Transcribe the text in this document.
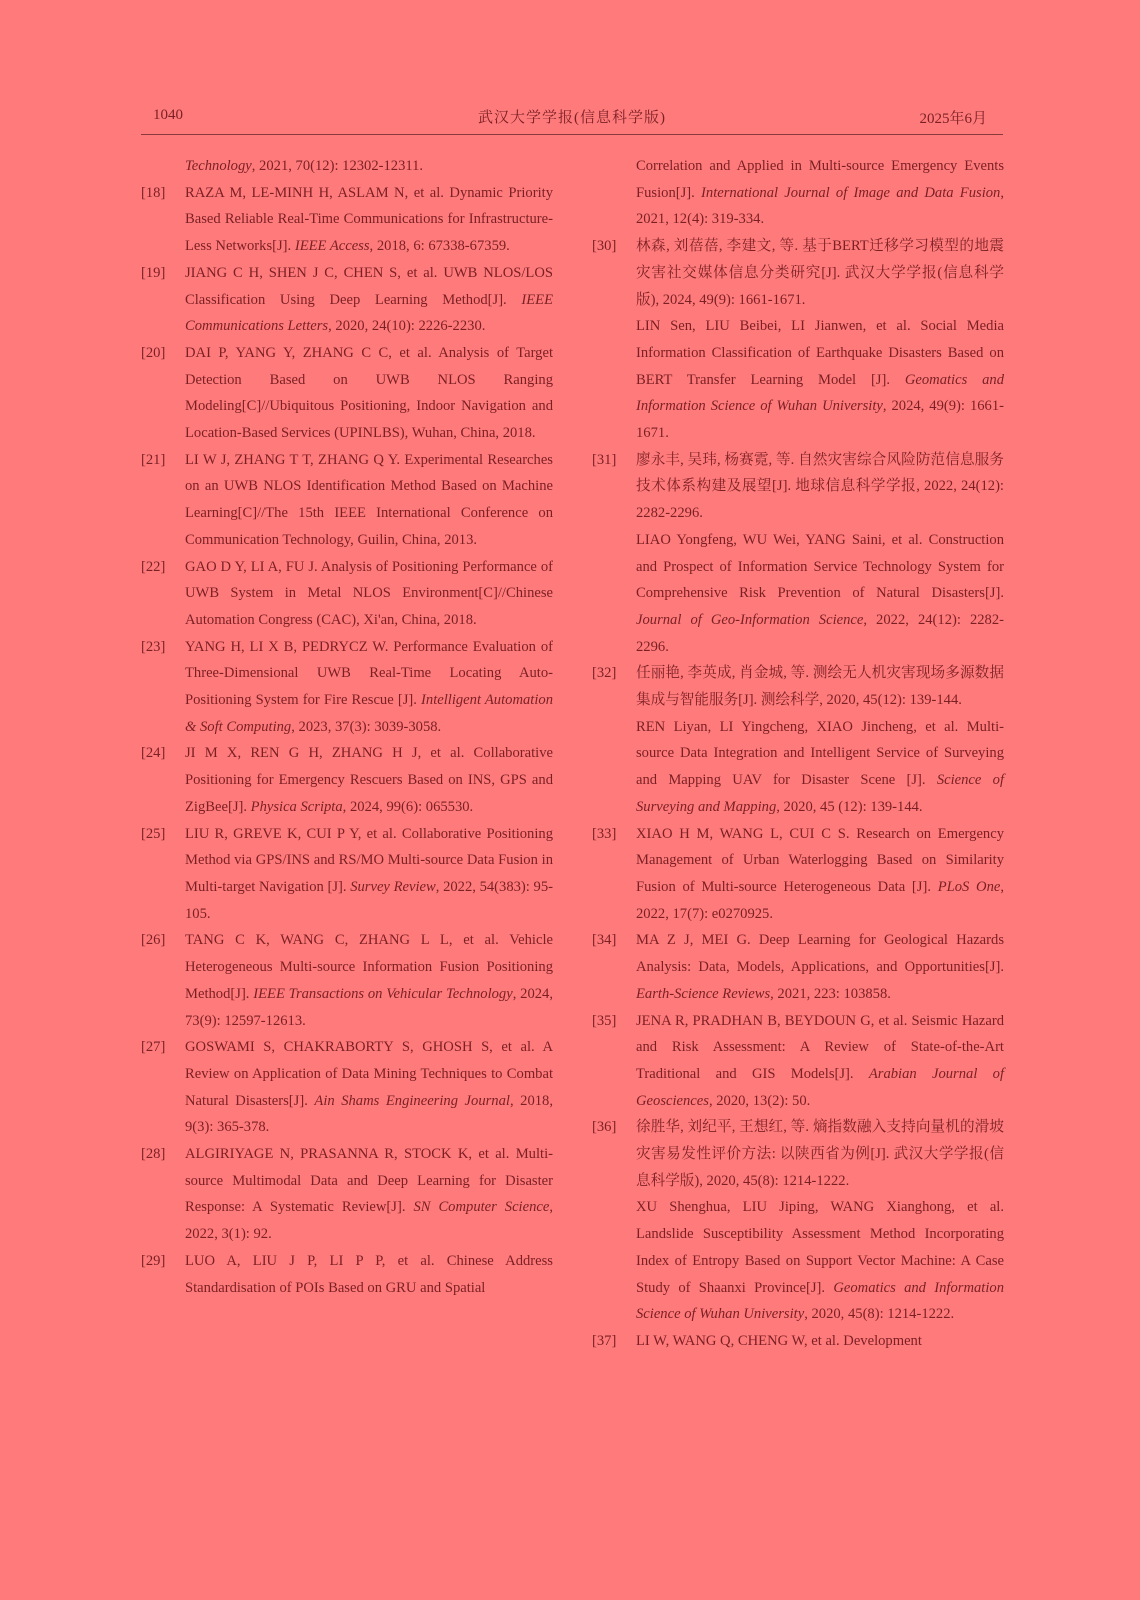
1040	武汉大学学报(信息科学版)	2025年6月

Technology, 2021, 70(12): 12302-12311.

[18] RAZA M, LE-MINH H, ASLAM N, et al. Dynamic Priority Based Reliable Real-Time Communications for Infrastructure-Less Networks[J]. IEEE Access, 2018, 6: 67338-67359.

[19] JIANG C H, SHEN J C, CHEN S, et al. UWB NLOS/LOS Classification Using Deep Learning Method[J]. IEEE Communications Letters, 2020, 24(10): 2226-2230.

[20] DAI P, YANG Y, ZHANG C C, et al. Analysis of Target Detection Based on UWB NLOS Ranging Modeling[C]//Ubiquitous Positioning, Indoor Navigation and Location-Based Services (UPINLBS), Wuhan, China, 2018.

[21] LI W J, ZHANG T T, ZHANG Q Y. Experimental Researches on an UWB NLOS Identification Method Based on Machine Learning[C]//The 15th IEEE International Conference on Communication Technology, Guilin, China, 2013.

[22] GAO D Y, LI A, FU J. Analysis of Positioning Performance of UWB System in Metal NLOS Environment[C]//Chinese Automation Congress (CAC), Xi'an, China, 2018.

[23] YANG H, LI X B, PEDRYCZ W. Performance Evaluation of Three-Dimensional UWB Real-Time Locating Auto-Positioning System for Fire Rescue [J]. Intelligent Automation & Soft Computing, 2023, 37(3): 3039-3058.

[24] JI M X, REN G H, ZHANG H J, et al. Collaborative Positioning for Emergency Rescuers Based on INS, GPS and ZigBee[J]. Physica Scripta, 2024, 99(6): 065530.

[25] LIU R, GREVE K, CUI P Y, et al. Collaborative Positioning Method via GPS/INS and RS/MO Multi-source Data Fusion in Multi-target Navigation [J]. Survey Review, 2022, 54(383): 95-105.

[26] TANG C K, WANG C, ZHANG L L, et al. Vehicle Heterogeneous Multi-source Information Fusion Positioning Method[J]. IEEE Transactions on Vehicular Technology, 2024, 73(9): 12597-12613.

[27] GOSWAMI S, CHAKRABORTY S, GHOSH S, et al. A Review on Application of Data Mining Techniques to Combat Natural Disasters[J]. Ain Shams Engineering Journal, 2018, 9(3): 365-378.

[28] ALGIRIYAGE N, PRASANNA R, STOCK K, et al. Multi-source Multimodal Data and Deep Learning for Disaster Response: A Systematic Review[J]. SN Computer Science, 2022, 3(1): 92.

[29] LUO A, LIU J P, LI P P, et al. Chinese Address Standardisation of POIs Based on GRU and Spatial

Correlation and Applied in Multi-source Emergency Events Fusion[J]. International Journal of Image and Data Fusion, 2021, 12(4): 319-334.

[30] 林森, 刘蓓蓓, 李建文, 等. 基于BERT迁移学习模型的地震灾害社交媒体信息分类研究[J]. 武汉大学学报(信息科学版), 2024, 49(9): 1661-1671.

LIN Sen, LIU Beibei, LI Jianwen, et al. Social Media Information Classification of Earthquake Disasters Based on BERT Transfer Learning Model [J]. Geomatics and Information Science of Wuhan University, 2024, 49(9): 1661-1671.

[31] 廖永丰, 吴玮, 杨赛霓, 等. 自然灾害综合风险防范信息服务技术体系构建及展望[J]. 地球信息科学学报, 2022, 24(12): 2282-2296.

LIAO Yongfeng, WU Wei, YANG Saini, et al. Construction and Prospect of Information Service Technology System for Comprehensive Risk Prevention of Natural Disasters[J]. Journal of Geo-Information Science, 2022, 24(12): 2282-2296.

[32] 任丽艳, 李英成, 肖金城, 等. 测绘无人机灾害现场多源数据集成与智能服务[J]. 测绘科学, 2020, 45(12): 139-144.

REN Liyan, LI Yingcheng, XIAO Jincheng, et al. Multi-source Data Integration and Intelligent Service of Surveying and Mapping UAV for Disaster Scene [J]. Science of Surveying and Mapping, 2020, 45 (12): 139-144.

[33] XIAO H M, WANG L, CUI C S. Research on Emergency Management of Urban Waterlogging Based on Similarity Fusion of Multi-source Heterogeneous Data [J]. PLoS One, 2022, 17(7): e0270925.

[34] MA Z J, MEI G. Deep Learning for Geological Hazards Analysis: Data, Models, Applications, and Opportunities[J]. Earth-Science Reviews, 2021, 223: 103858.

[35] JENA R, PRADHAN B, BEYDOUN G, et al. Seismic Hazard and Risk Assessment: A Review of State-of-the-Art Traditional and GIS Models[J]. Arabian Journal of Geosciences, 2020, 13(2): 50.

[36] 徐胜华, 刘纪平, 王想红, 等. 熵指数融入支持向量机的滑坡灾害易发性评价方法: 以陕西省为例[J]. 武汉大学学报(信息科学版), 2020, 45(8): 1214-1222.

XU Shenghua, LIU Jiping, WANG Xianghong, et al. Landslide Susceptibility Assessment Method Incorporating Index of Entropy Based on Support Vector Machine: A Case Study of Shaanxi Province[J]. Geomatics and Information Science of Wuhan University, 2020, 45(8): 1214-1222.

[37] LI W, WANG Q, CHENG W, et al. Development
